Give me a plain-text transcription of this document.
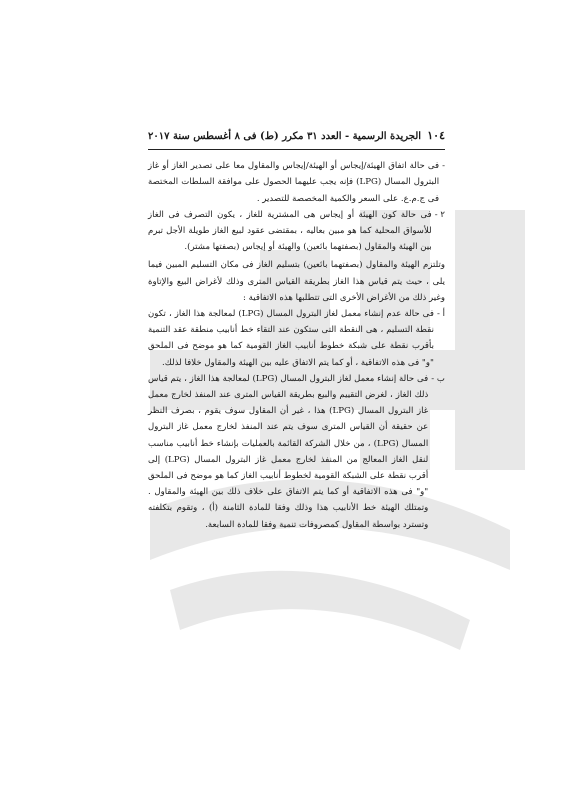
١٠٤
الجريدة الرسمية - العدد ٣١ مكرر (ط) فى ٨ أغسطس سنة ٢٠١٧
-
فى حالة اتفاق الهيئة/إيجاس أو الهيئة/إيجاس والمقاول معا على تصدير الغاز أو غاز البترول المسال (LPG) فإنه يجب عليهما الحصول على موافقة السلطات المختصة فى ج.م.ع. على السعر والكمية المخصصة للتصدير .
٢ -
فى حالة كون الهيئة أو إيجاس هى المشترية للغاز ، يكون التصرف فى الغاز للأسواق المحلية كما هو مبين بعاليه ، بمقتضى عقود لبيع الغاز طويلة الأجل تبرم بين الهيئة والمقاول (بصفتهما بائعين) والهيئة أو إيجاس (بصفتها مشتر).

وتلتزم الهيئة والمقاول (بصفتهما بائعين) بتسليم الغاز فى مكان التسليم المبين فيما يلى ، حيث يتم قياس هذا الغاز بطريقة القياس المترى وذلك لأغراض البيع والإتاوة وغير ذلك من الأغراض الأخرى التى تتطلبها هذه الاتفاقية :

أ -
فى حالة عدم إنشاء معمل لغاز البترول المسال (LPG) لمعالجة هذا الغاز ، تكون نقطة التسليم ، هى النقطة التى ستكون عند التقاء خط أنابيب منطقة عقد التنمية بأقرب نقطة على شبكة خطوط أنابيب الغاز القومية كما هو موضح فى الملحق "و" فى هذه الاتفاقية ، أو كما يتم الاتفاق عليه بين الهيئة والمقاول خلافا لذلك.
ب -
فى حالة إنشاء معمل لغاز البترول المسال (LPG) لمعالجة هذا الغاز ، يتم قياس ذلك الغاز ، لغرض التقييم والبيع بطريقة القياس المترى عند المنفذ لخارج معمل غاز البترول المسال (LPG) هذا ، غير أن المقاول سوف يقوم ، بصرف النظر عن حقيقة أن القياس المترى سوف يتم عند المنفذ لخارج معمل غاز البترول المسال (LPG) ، من خلال الشركة القائمة بالعمليات بإنشاء خط أنابيب مناسب لنقل الغاز المعالج من المنفذ لخارج معمل غاز البترول المسال (LPG) إلى أقرب نقطة على الشبكة القومية لخطوط أنابيب الغاز كما هو موضح فى الملحق "و" فى هذه الاتفاقية أو كما يتم الاتفاق على خلاف ذلك بين الهيئة والمقاول . وتمتلك الهيئة خط الأنابيب هذا وذلك وفقا للمادة الثامنة (أ) ، وتقوم بتكلفته وتسترد بواسطة المقاول كمصروفات تنمية وفقا للمادة السابعة.
